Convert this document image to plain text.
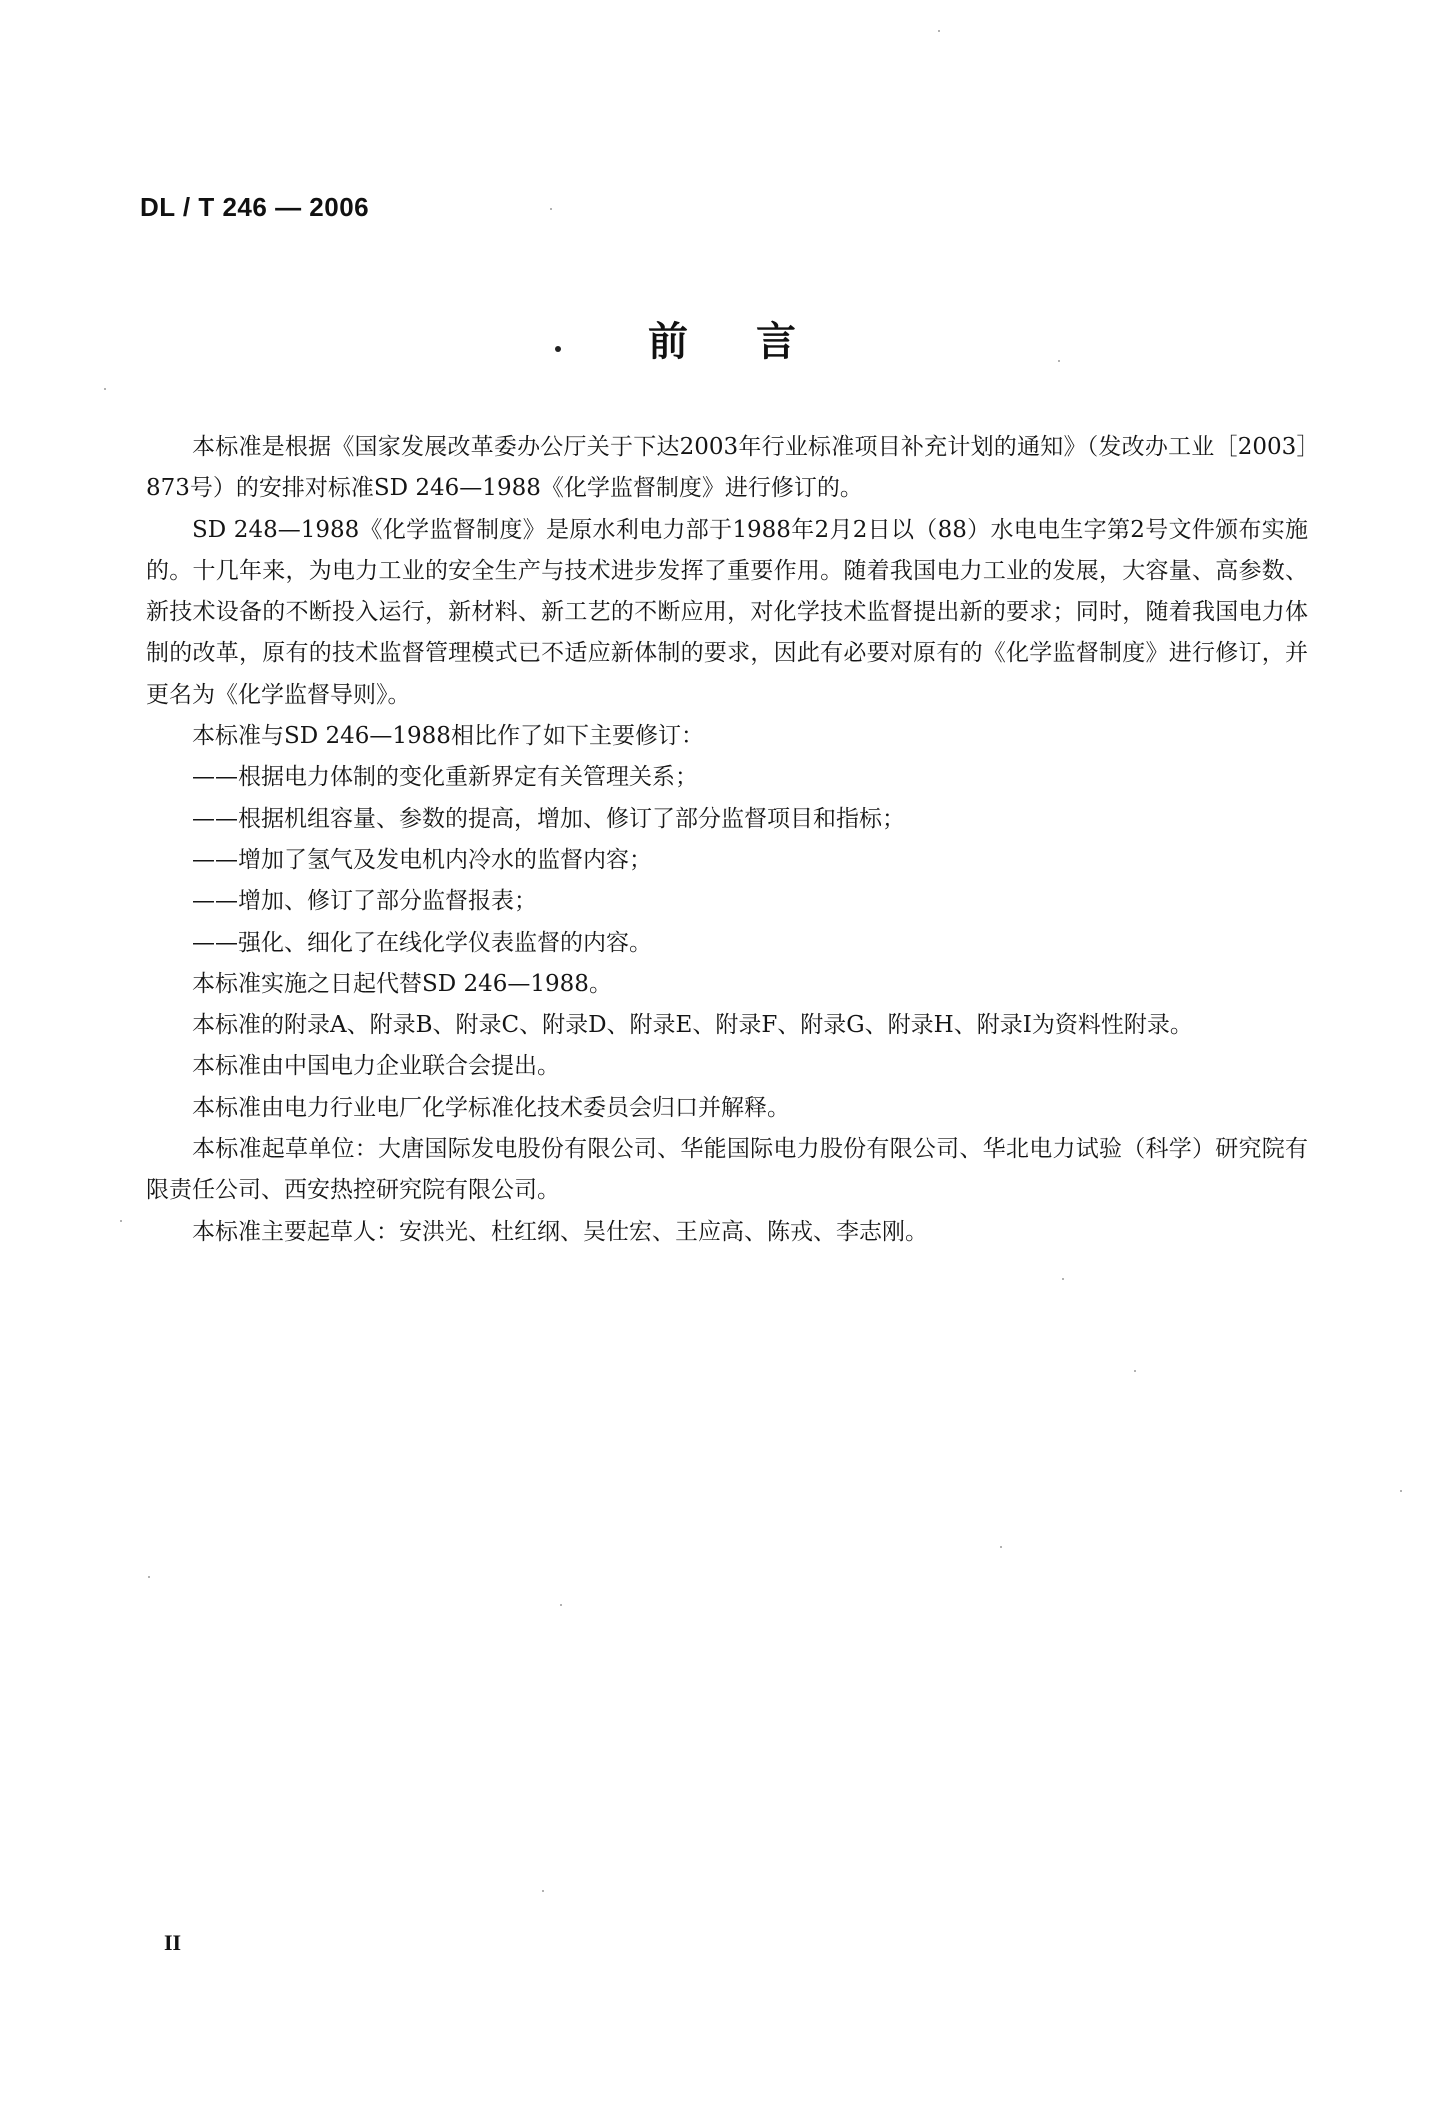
DL / T 246 — 2006
前言

本标准是根据《国家发展改革委办公厅关于下达2003年行业标准项目补充计划的通知》（发改办工业［2003］873号）的安排对标准SD 246—1988《化学监督制度》进行修订的。

SD 248—1988《化学监督制度》是原水利电力部于1988年2月2日以（88）水电电生字第2号文件颁布实施的。十几年来，为电力工业的安全生产与技术进步发挥了重要作用。随着我国电力工业的发展，大容量、高参数、新技术设备的不断投入运行，新材料、新工艺的不断应用，对化学技术监督提出新的要求；同时，随着我国电力体制的改革，原有的技术监督管理模式已不适应新体制的要求，因此有必要对原有的《化学监督制度》进行修订，并更名为《化学监督导则》。

本标准与SD 246—1988相比作了如下主要修订：

——根据电力体制的变化重新界定有关管理关系；

——根据机组容量、参数的提高，增加、修订了部分监督项目和指标；

——增加了氢气及发电机内冷水的监督内容；

——增加、修订了部分监督报表；

——强化、细化了在线化学仪表监督的内容。

本标准实施之日起代替SD 246—1988。

本标准的附录A、附录B、附录C、附录D、附录E、附录F、附录G、附录H、附录I为资料性附录。

本标准由中国电力企业联合会提出。

本标准由电力行业电厂化学标准化技术委员会归口并解释。

本标准起草单位：大唐国际发电股份有限公司、华能国际电力股份有限公司、华北电力试验（科学）研究院有限责任公司、西安热控研究院有限公司。

本标准主要起草人：安洪光、杜红纲、吴仕宏、王应高、陈戎、李志刚。

II
